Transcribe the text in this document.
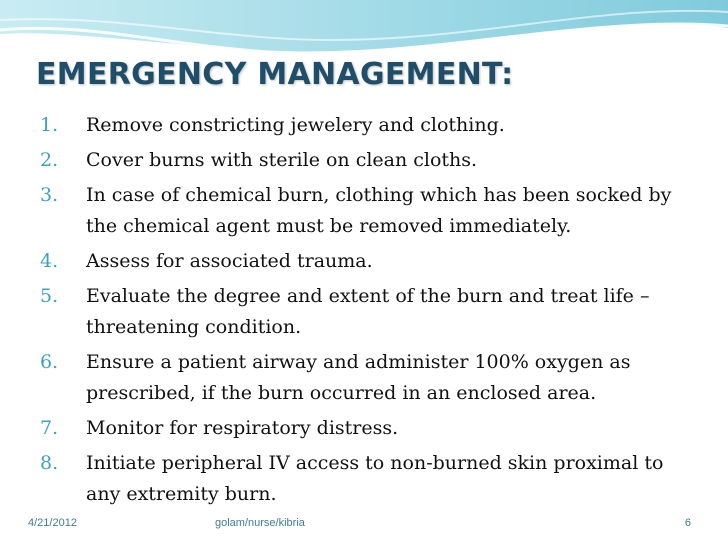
EMERGENCY MANAGEMENT:
1.	Remove constricting jewelery and clothing.
2.	Cover burns with sterile on clean cloths.
3.	In case of chemical burn, clothing which has been socked by the chemical agent must be removed immediately.
4.	Assess for associated trauma.
5.	Evaluate the degree and extent of the burn and treat life – threatening condition.
6.	Ensure a patient airway and administer 100% oxygen as prescribed, if the burn occurred in an enclosed area.
7.	Monitor for respiratory distress.
8.	Initiate peripheral IV access to non-burned skin proximal to any extremity burn.
4/21/2012	golam/nurse/kibria	6
